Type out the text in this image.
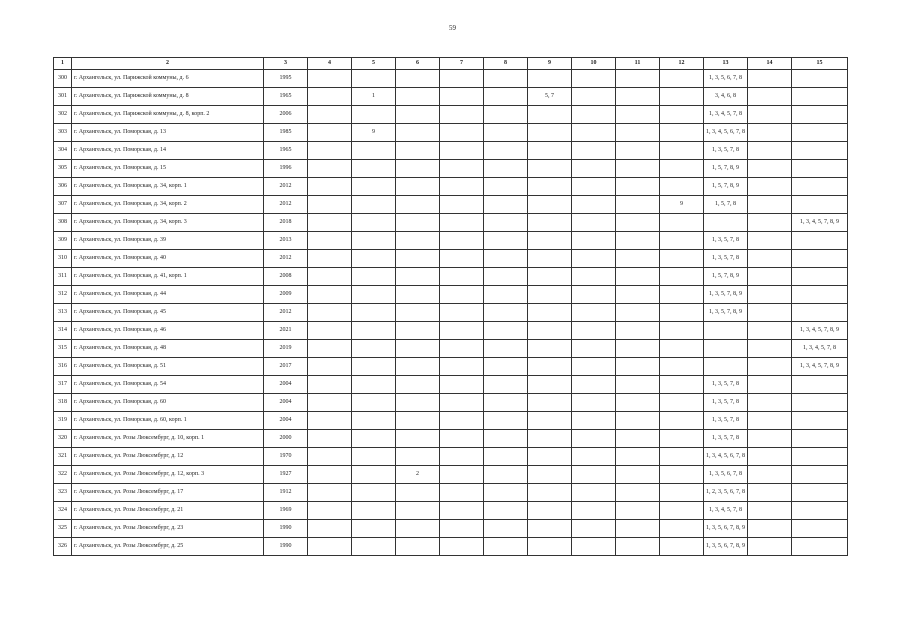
59
1	2	3	4	5	6	7	8	9	10	11	12	13	14	15
300	г. Архангельск, ул. Парижской коммуны, д. 6	1995										1, 3, 5, 6, 7, 8		
301	г. Архангельск, ул. Парижской коммуны, д. 8	1965		1				5, 7				3, 4, 6, 8		
302	г. Архангельск, ул. Парижской коммуны, д. 8, корп. 2	2006										1, 3, 4, 5, 7, 8		
303	г. Архангельск, ул. Поморская, д. 13	1985		9								1, 3, 4, 5, 6, 7, 8		
304	г. Архангельск, ул. Поморская, д. 14	1965										1, 3, 5, 7, 8		
305	г. Архангельск, ул. Поморская, д. 15	1996										1, 5, 7, 8, 9		
306	г. Архангельск, ул. Поморская, д. 34, корп. 1	2012										1, 5, 7, 8, 9		
307	г. Архангельск, ул. Поморская, д. 34, корп. 2	2012									9	1, 5, 7, 8		
308	г. Архангельск, ул. Поморская, д. 34, корп. 3	2018												1, 3, 4, 5, 7, 8, 9
309	г. Архангельск, ул. Поморская, д. 39	2013										1, 3, 5, 7, 8		
310	г. Архангельск, ул. Поморская, д. 40	2012										1, 3, 5, 7, 8		
311	г. Архангельск, ул. Поморская, д. 41, корп. 1	2008										1, 5, 7, 8, 9		
312	г. Архангельск, ул. Поморская, д. 44	2009										1, 3, 5, 7, 8, 9		
313	г. Архангельск, ул. Поморская, д. 45	2012										1, 3, 5, 7, 8, 9		
314	г. Архангельск, ул. Поморская, д. 46	2021												1, 3, 4, 5, 7, 8, 9
315	г. Архангельск, ул. Поморская, д. 48	2019												1, 3, 4, 5, 7, 8
316	г. Архангельск, ул. Поморская, д. 51	2017												1, 3, 4, 5, 7, 8, 9
317	г. Архангельск, ул. Поморская, д. 54	2004										1, 3, 5, 7, 8		
318	г. Архангельск, ул. Поморская, д. 60	2004										1, 3, 5, 7, 8		
319	г. Архангельск, ул. Поморская, д. 60, корп. 1	2004										1, 3, 5, 7, 8		
320	г. Архангельск, ул. Розы Люксембург, д. 10, корп. 1	2000										1, 3, 5, 7, 8		
321	г. Архангельск, ул. Розы Люксембург, д. 12	1970										1, 3, 4, 5, 6, 7, 8		
322	г. Архангельск, ул. Розы Люксембург, д. 12, корп. 3	1927			2							1, 3, 5, 6, 7, 8		
323	г. Архангельск, ул. Розы Люксембург, д. 17	1912										1, 2, 3, 5, 6, 7, 8		
324	г. Архангельск, ул. Розы Люксембург, д. 21	1969										1, 3, 4, 5, 7, 8		
325	г. Архангельск, ул. Розы Люксембург, д. 23	1990										1, 3, 5, 6, 7, 8, 9		
326	г. Архангельск, ул. Розы Люксембург, д. 25	1990										1, 3, 5, 6, 7, 8, 9		
